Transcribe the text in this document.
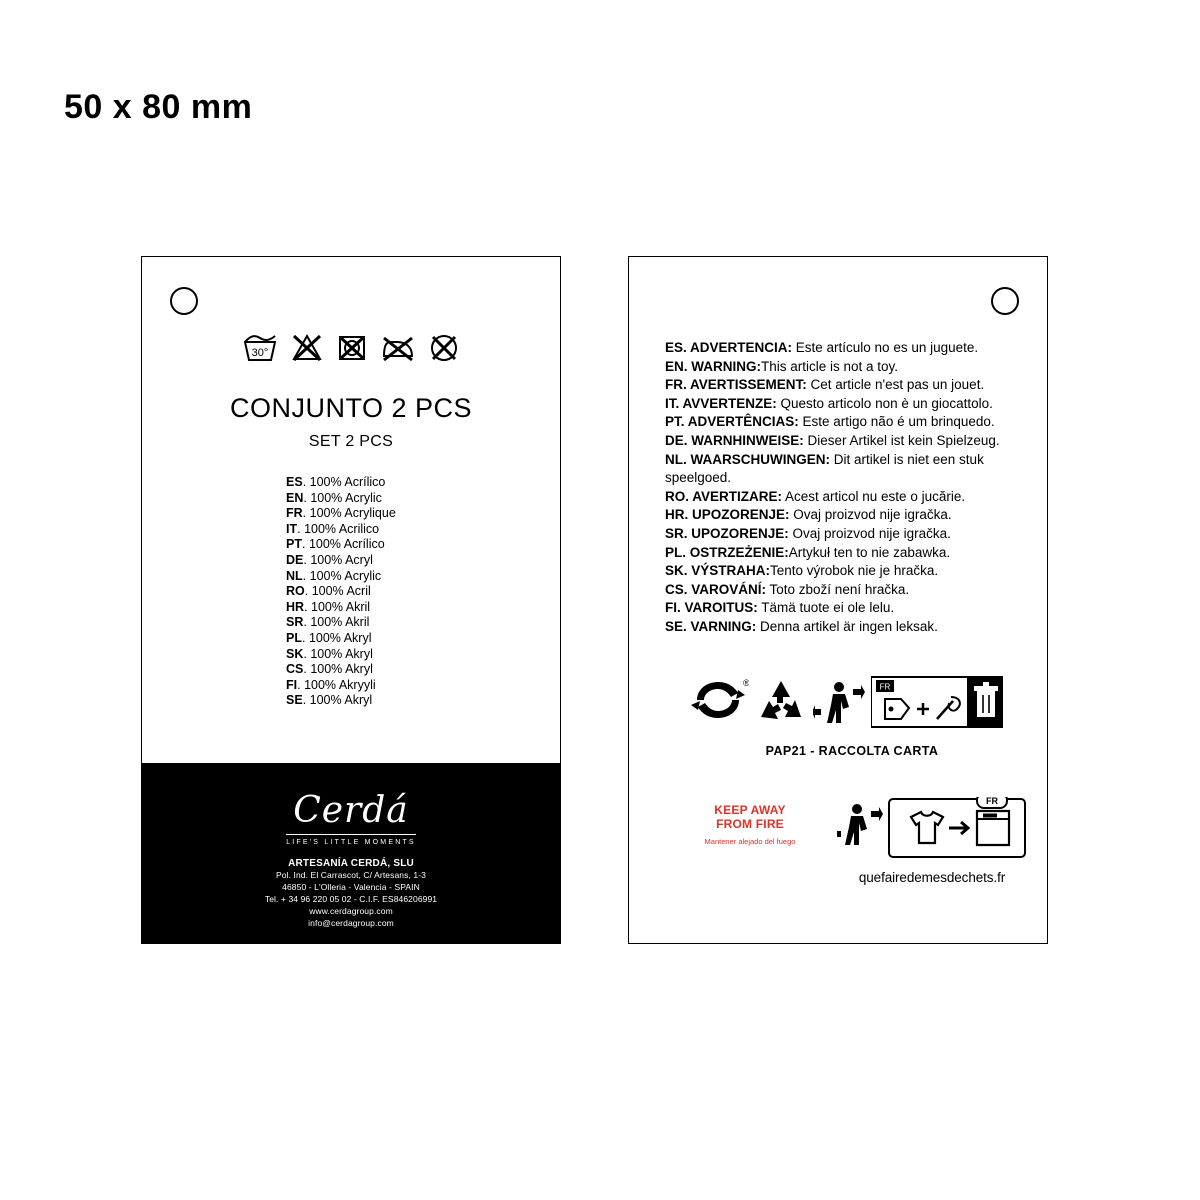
50 x 80 mm
30°
CONJUNTO 2 PCS
SET 2 PCS
ES. 100% Acrílico
EN. 100% Acrylic
FR. 100% Acrylique
IT. 100% Acrilico
PT. 100% Acrílico
DE. 100% Acryl
NL. 100% Acrylic
RO. 100% Acril
HR. 100% Akril
SR. 100% Akril
PL. 100% Akryl
SK. 100% Akryl
CS. 100% Akryl
FI. 100% Akryyli
SE. 100% Akryl
Cerdá
LIFE'S LITTLE MOMENTS
ARTESANÍA CERDÁ, SLU
Pol. Ind. El Carrascot, C/ Artesans, 1-3
46850 - L'Olleria - Valencia - SPAIN
Tel. + 34 96 220 05 02 - C.I.F. ES846206991
www.cerdagroup.com
info@cerdagroup.com
ES. ADVERTENCIA: Este artículo no es un juguete.
EN. WARNING:This article is not a toy.
FR. AVERTISSEMENT: Cet article n'est pas un jouet.
IT. AVVERTENZE: Questo articolo non è un giocattolo.
PT. ADVERTÊNCIAS: Este artigo não é um brinquedo.
DE. WARNHINWEISE: Dieser Artikel ist kein Spielzeug.
NL. WAARSCHUWINGEN: Dit artikel is niet een stuk speelgoed.
RO. AVERTIZARE: Acest articol nu este o jucărie.
HR. UPOZORENJE: Ovaj proizvod nije igračka.
SR. UPOZORENJE: Ovaj proizvod nije igračka.
PL. OSTRZEŻENIE:Artykuł ten to nie zabawka.
SK. VÝSTRAHA:Tento výrobok nie je hračka.
CS. VAROVÁNÍ: Toto zboží není hračka.
FI. VAROITUS: Tämä tuote ei ole lelu.
SE. VARNING: Denna artikel är ingen leksak.
®	FR
PAP21 - RACCOLTA CARTA
KEEP AWAY
FROM FIRE
Mantener alejado del fuego
FR
quefairedemesdechets.fr
